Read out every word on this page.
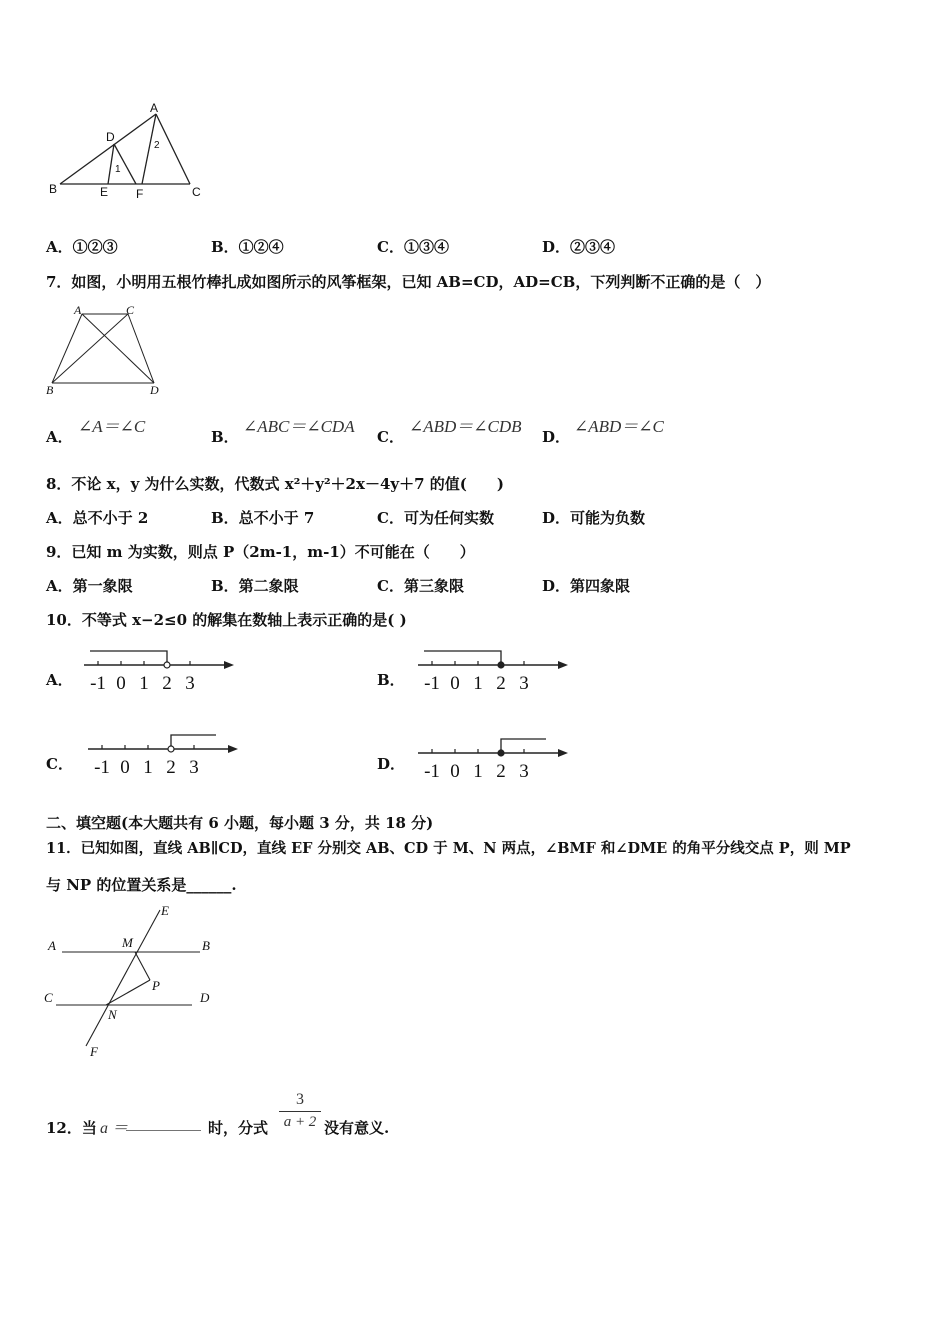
A
B	C
D
E F
1
2
A．①②③	B．①②④	C．①③④	D．②③④
7．如图，小明用五根竹棒扎成如图所示的风筝框架，已知 AB=CD，AD=CB，下列判断不正确的是（　）
A	C
B	D
A．
∠A＝∠C
B．
∠ABC＝∠CDA
C．
∠ABD＝∠CDB
D．
∠ABD＝∠C
8．不论 x，y 为什么实数，代数式 x²＋y²＋2x－4y＋7 的值(　　)
A．总不小于 2	B．总不小于 7	C．可为任何实数	D．可能为负数
9．已知 m 为实数，则点 P（2m-1，m-1）不可能在（　　）
A．第一象限	B．第二象限	C．第三象限	D．第四象限
10．不等式 x−2≤0 的解集在数轴上表示正确的是( )
A． -1 0 1 2 3	B． -1 0 1 2 3
C． -1 0 1 2 3	D． -1 0 1 2 3
二、填空题(本大题共有 6 小题，每小题 3 分，共 18 分)
11．已知如图，直线 AB∥CD，直线 EF 分别交 AB、CD 于 M、N 两点，∠BMF 和∠DME 的角平分线交点 P，则 MP
与 NP 的位置关系是______.
E
A	B
M
P
C	D
N
F
12．当 a ＝
__________ 时，分式 $\frac{3}{a + 2}$ 没有意义.
